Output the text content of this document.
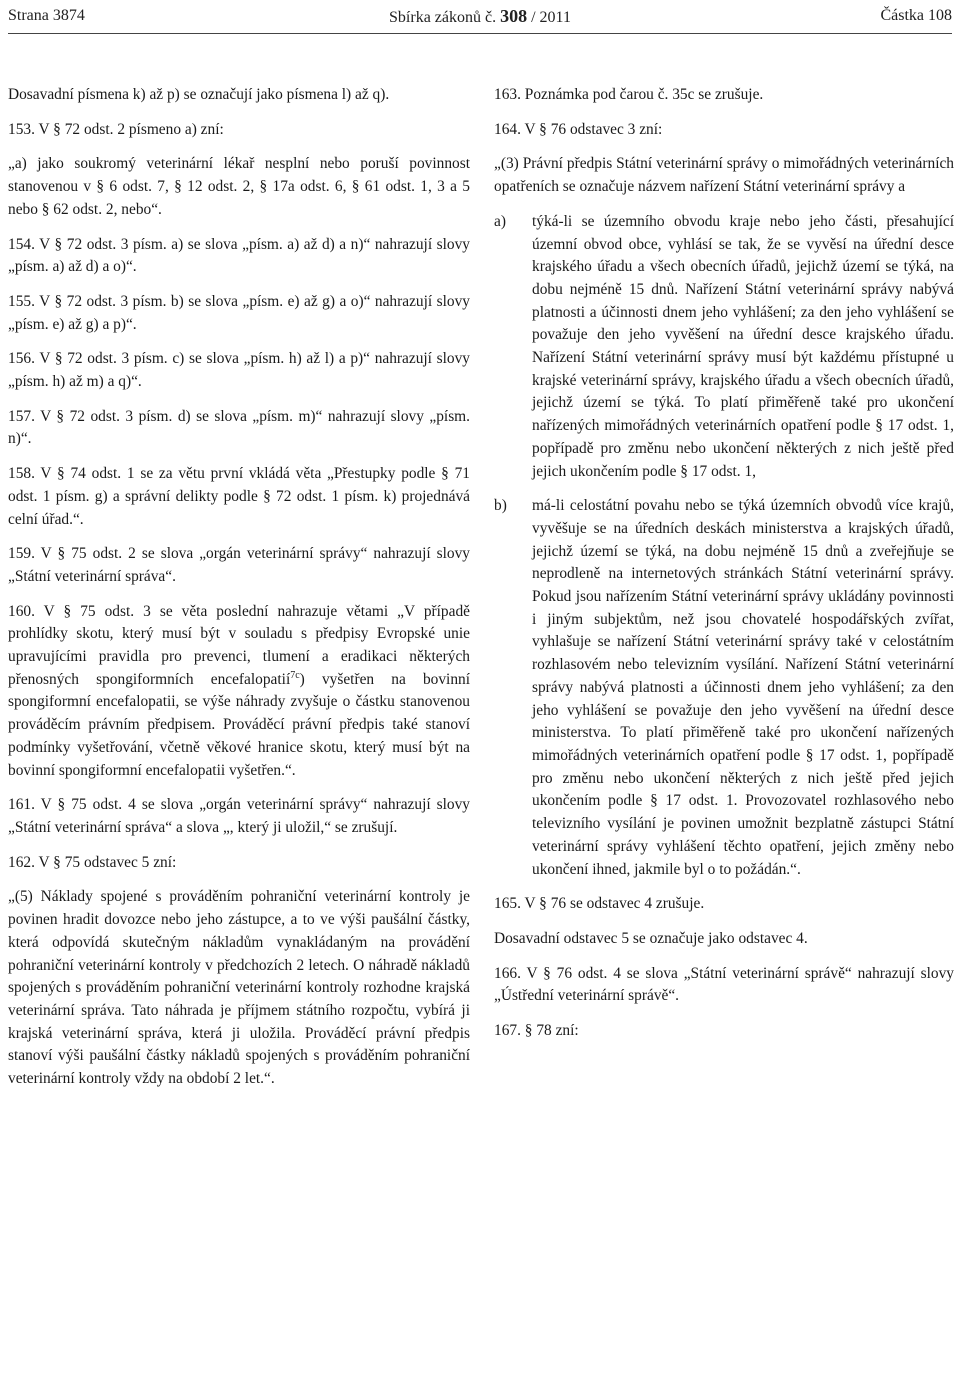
Strana 3874	Sbírka zákonů č. 308 / 2011	Částka 108

Dosavadní písmena k) až p) se označují jako písmena l) až q).

153. V § 72 odst. 2 písmeno a) zní:

„a) jako soukromý veterinární lékař nesplní nebo poruší povinnost stanovenou v § 6 odst. 7, § 12 odst. 2, § 17a odst. 6, § 61 odst. 1, 3 a 5 nebo § 62 odst. 2, nebo“.

154. V § 72 odst. 3 písm. a) se slova „písm. a) až d) a n)“ nahrazují slovy „písm. a) až d) a o)“.

155. V § 72 odst. 3 písm. b) se slova „písm. e) až g) a o)“ nahrazují slovy „písm. e) až g) a p)“.

156. V § 72 odst. 3 písm. c) se slova „písm. h) až l) a p)“ nahrazují slovy „písm. h) až m) a q)“.

157. V § 72 odst. 3 písm. d) se slova „písm. m)“ nahrazují slovy „písm. n)“.

158. V § 74 odst. 1 se za větu první vkládá věta „Přestupky podle § 71 odst. 1 písm. g) a správní delikty podle § 72 odst. 1 písm. k) projednává celní úřad.“.

159. V § 75 odst. 2 se slova „orgán veterinární správy“ nahrazují slovy „Státní veterinární správa“.

160. V § 75 odst. 3 se věta poslední nahrazuje větami „V případě prohlídky skotu, který musí být v souladu s předpisy Evropské unie upravujícími pravidla pro prevenci, tlumení a eradikaci některých přenosných spongiformních encefalopatií$^{7c}$) vyšetřen na bovinní spongiformní encefalopatii, se výše náhrady zvyšuje o částku stanovenou prováděcím právním předpisem. Prováděcí právní předpis také stanoví podmínky vyšetřování, včetně věkové hranice skotu, který musí být na bovinní spongiformní encefalopatii vyšetřen.“.

161. V § 75 odst. 4 se slova „orgán veterinární správy“ nahrazují slovy „Státní veterinární správa“ a slova „, který ji uložil,“ se zrušují.

162. V § 75 odstavec 5 zní:

„(5) Náklady spojené s prováděním pohraniční veterinární kontroly je povinen hradit dovozce nebo jeho zástupce, a to ve výši paušální částky, která odpovídá skutečným nákladům vynakládaným na provádění pohraniční veterinární kontroly v předchozích 2 letech. O náhradě nákladů spojených s prováděním pohraniční veterinární kontroly rozhodne krajská veterinární správa. Tato náhrada je příjmem státního rozpočtu, vybírá ji krajská veterinární správa, která ji uložila. Prováděcí právní předpis stanoví výši paušální částky nákladů spojených s prováděním pohraniční veterinární kontroly vždy na období 2 let.“.

163. Poznámka pod čarou č. 35c se zrušuje.

164. V § 76 odstavec 3 zní:

„(3) Právní předpis Státní veterinární správy o mimořádných veterinárních opatřeních se označuje názvem nařízení Státní veterinární správy a

a)	týká-li se územního obvodu kraje nebo jeho části, přesahující územní obvod obce, vyhlásí se tak, že se vyvěsí na úřední desce krajského úřadu a všech obecních úřadů, jejichž území se týká, na dobu nejméně 15 dnů. Nařízení Státní veterinární správy nabývá platnosti a účinnosti dnem jeho vyhlášení; za den jeho vyhlášení se považuje den jeho vyvěšení na úřední desce krajského úřadu. Nařízení Státní veterinární správy musí být každému přístupné u krajské veterinární správy, krajského úřadu a všech obecních úřadů, jejichž území se týká. To platí přiměřeně také pro ukončení nařízených mimořádných veterinárních opatření podle § 17 odst. 1, popřípadě pro změnu nebo ukončení některých z nich ještě před jejich ukončením podle § 17 odst. 1,
b)	má-li celostátní povahu nebo se týká územních obvodů více krajů, vyvěšuje se na úředních deskách ministerstva a krajských úřadů, jejichž území se týká, na dobu nejméně 15 dnů a zveřejňuje se neprodleně na internetových stránkách Státní veterinární správy. Pokud jsou nařízením Státní veterinární správy ukládány povinnosti i jiným subjektům, než jsou chovatelé hospodářských zvířat, vyhlašuje se nařízení Státní veterinární správy také v celostátním rozhlasovém nebo televizním vysílání. Nařízení Státní veterinární správy nabývá platnosti a účinnosti dnem jeho vyhlášení; za den jeho vyhlášení se považuje den jeho vyvěšení na úřední desce ministerstva. To platí přiměřeně také pro ukončení nařízených mimořádných veterinárních opatření podle § 17 odst. 1, popřípadě pro změnu nebo ukončení některých z nich ještě před jejich ukončením podle § 17 odst. 1. Provozovatel rozhlasového nebo televizního vysílání je povinen umožnit bezplatně zástupci Státní veterinární správy vyhlášení těchto opatření, jejich změny nebo ukončení ihned, jakmile byl o to požádán.“.

165. V § 76 se odstavec 4 zrušuje.

Dosavadní odstavec 5 se označuje jako odstavec 4.

166. V § 76 odst. 4 se slova „Státní veterinární správě“ nahrazují slovy „Ústřední veterinární správě“.

167. § 78 zní:
